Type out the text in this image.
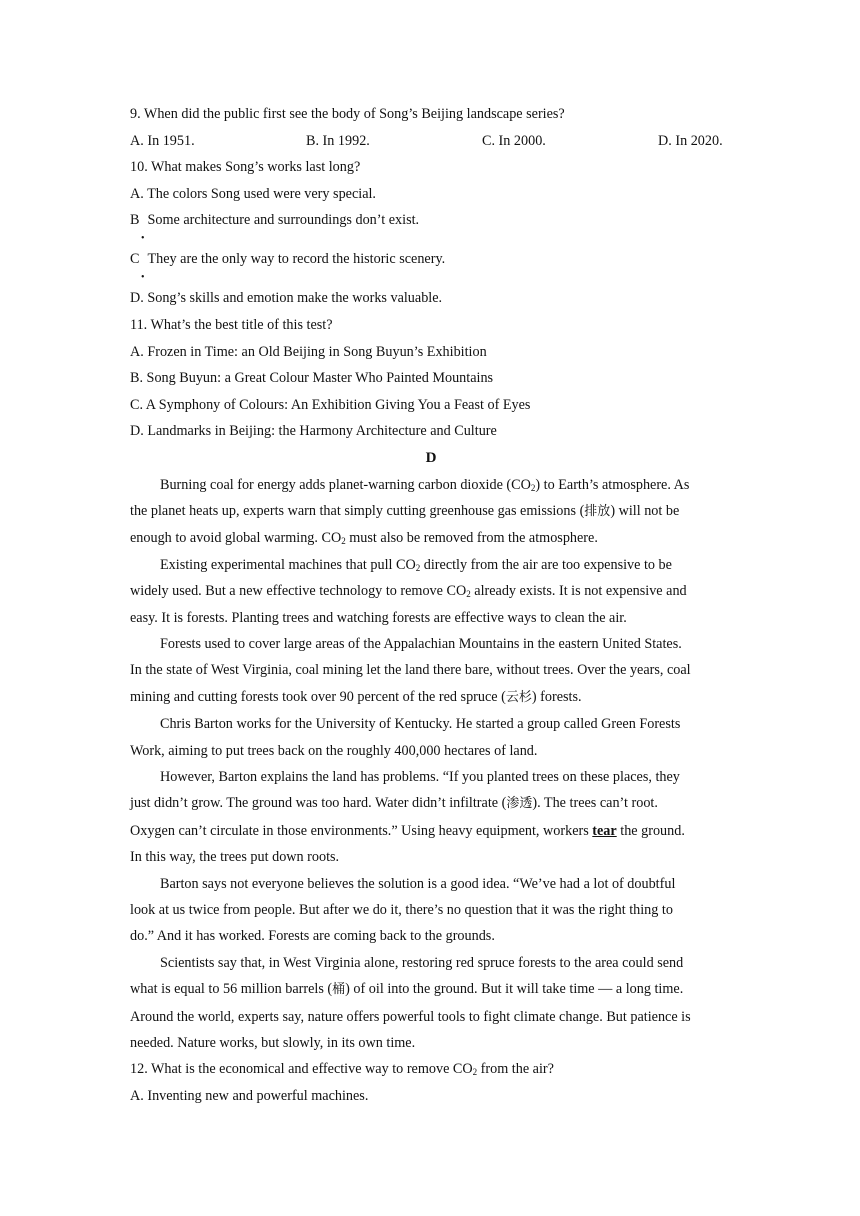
9. When did the public first see the body of Song’s Beijing landscape series?
A. In 1951.	B. In 1992.	C. In 2000.	D. In 2020.
10. What makes Song’s works last long?
A. The colors Song used were very special.
B Some architecture and surroundings don’t exist.
•
C They are the only way to record the historic scenery.
•
D. Song’s skills and emotion make the works valuable.
11. What’s the best title of this test?
A. Frozen in Time: an Old Beijing in Song Buyun’s Exhibition
B. Song Buyun: a Great Colour Master Who Painted Mountains
C. A Symphony of Colours: An Exhibition Giving You a Feast of Eyes
D. Landmarks in Beijing: the Harmony Architecture and Culture
D
Burning coal for energy adds planet-warning carbon dioxide $(CO_2)$ to Earth’s atmosphere. As
the planet heats up, experts warn that simply cutting greenhouse gas emissions (排放) will not be
enough to avoid global warming. $CO_2$ must also be removed from the atmosphere.
Existing experimental machines that pull $CO_2$ directly from the air are too expensive to be
widely used. But a new effective technology to remove $CO_2$ already exists. It is not expensive and
easy. It is forests. Planting trees and watching forests are effective ways to clean the air.
Forests used to cover large areas of the Appalachian Mountains in the eastern United States.
In the state of West Virginia, coal mining let the land there bare, without trees. Over the years, coal
mining and cutting forests took over 90 percent of the red spruce (云杉) forests.
Chris Barton works for the University of Kentucky. He started a group called Green Forests
Work, aiming to put trees back on the roughly 400,000 hectares of land.
However, Barton explains the land has problems. “If you planted trees on these places, they
just didn’t grow. The ground was too hard. Water didn’t infiltrate (渗透). The trees can’t root.
Oxygen can’t circulate in those environments.” Using heavy equipment, workers tear the ground.
In this way, the trees put down roots.
Barton says not everyone believes the solution is a good idea. “We’ve had a lot of doubtful
look at us twice from people. But after we do it, there’s no question that it was the right thing to
do.” And it has worked. Forests are coming back to the grounds.
Scientists say that, in West Virginia alone, restoring red spruce forests to the area could send
what is equal to 56 million barrels (桶) of oil into the ground. But it will take time — a long time.
Around the world, experts say, nature offers powerful tools to fight climate change. But patience is
needed. Nature works, but slowly, in its own time.
12. What is the economical and effective way to remove $CO_2$ from the air?
A. Inventing new and powerful machines.
